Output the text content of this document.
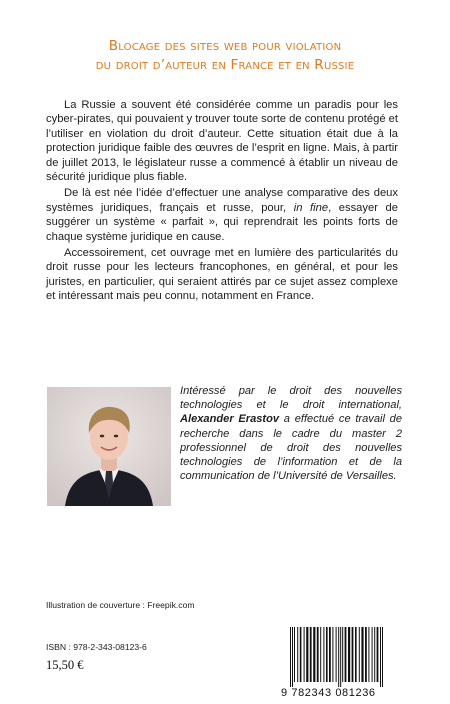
Blocage des sites web pour violation
du droit d’auteur en France et en Russie

La Russie a souvent été considérée comme un paradis pour les cyber-pirates, qui pouvaient y trouver toute sorte de contenu protégé et l’utiliser en violation du droit d’auteur. Cette situation était due à la protection juridique faible des œuvres de l’esprit en ligne. Mais, à partir de juillet 2013, le législateur russe a commencé à établir un niveau de sécurité juridique plus fiable.

De là est née l’idée d’effectuer une analyse comparative des deux systèmes juridiques, français et russe, pour, in fine, essayer de suggérer un système « parfait », qui reprendrait les points forts de chaque système juridique en cause.

Accessoirement, cet ouvrage met en lumière des particularités du droit russe pour les lecteurs francophones, en général, et pour les juristes, en particulier, qui seraient attirés par ce sujet assez complexe et intéressant mais peu connu, notamment en France.

Intéressé par le droit des nouvelles technologies et le droit international, Alexander Erastov a effectué ce travail de recherche dans le cadre du master 2 professionnel de droit des nouvelles technologies de l’information et de la communication de l’Université de Versailles.
Illustration de couverture : Freepik.com
ISBN : 978-2-343-08123-6
15,50 €
9 782343 081236
